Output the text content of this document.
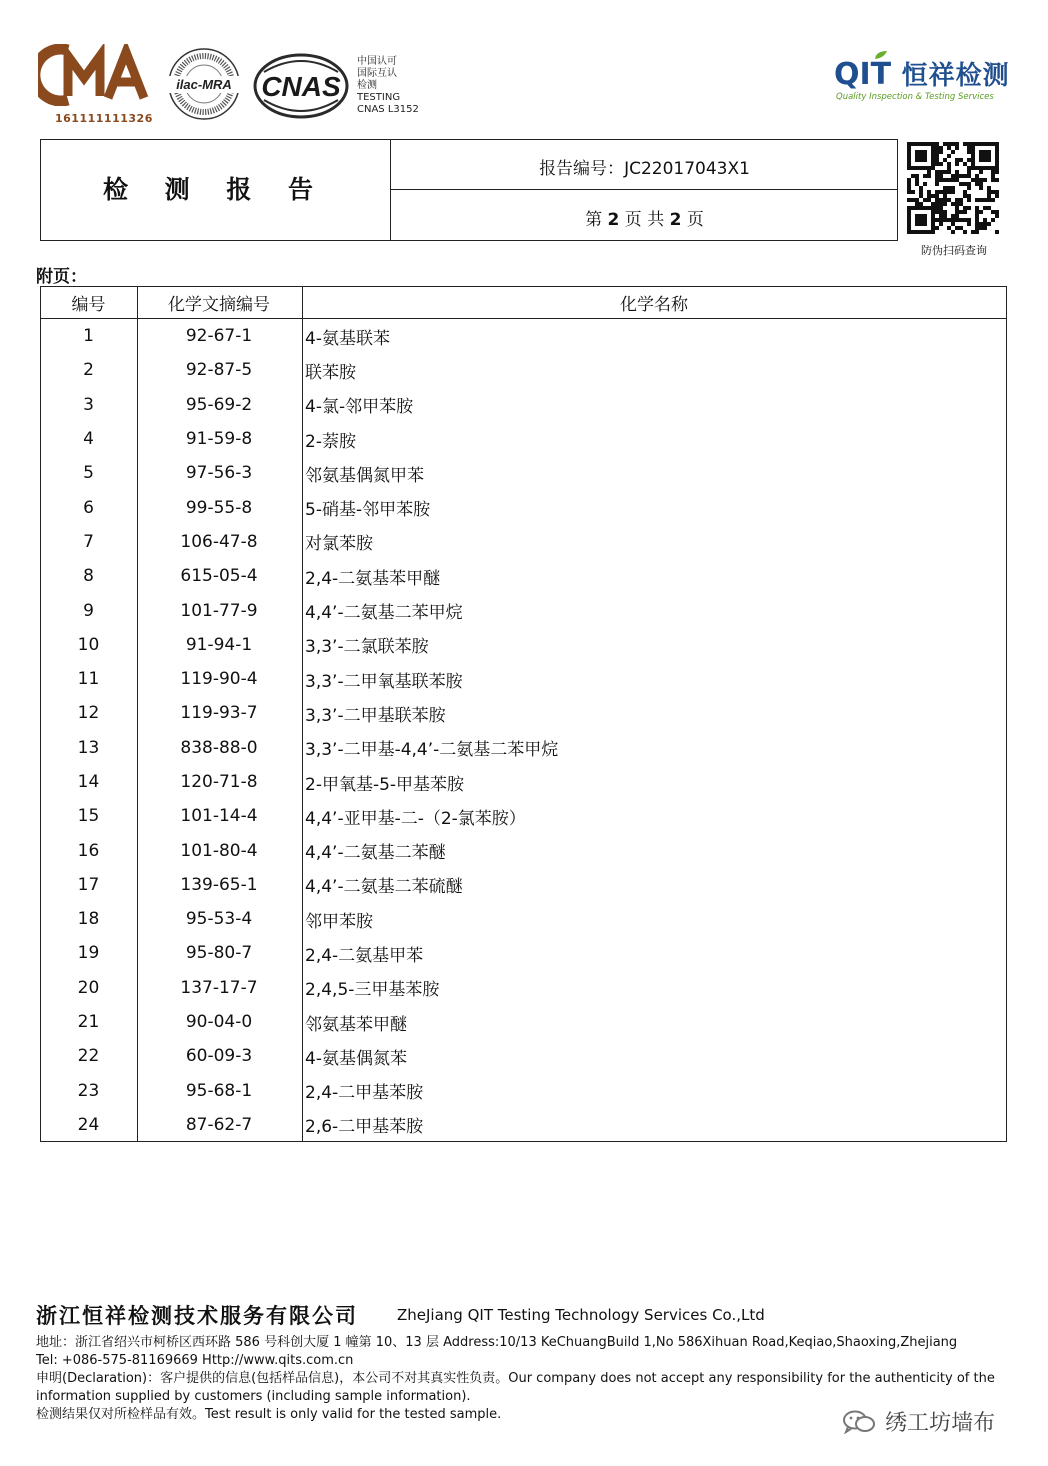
161111111326
ilac-MRA CNAS
中国认可
国际互认
检测
TESTING
CNAS L3152
QIT 恒祥检测
Quality Inspection & Testing Services
检 测 报 告
报告编号：JC22017043X1
第 2 页 共 2 页
防伪扫码查询
附页：
编号	化学文摘编号	化学名称
1	92-67-1	4-氨基联苯
2	92-87-5	联苯胺
3	95-69-2	4-氯-邻甲苯胺
4	91-59-8	2-萘胺
5	97-56-3	邻氨基偶氮甲苯
6	99-55-8	5-硝基-邻甲苯胺
7	106-47-8	对氯苯胺
8	615-05-4	2,4-二氨基苯甲醚
9	101-77-9	4,4’-二氨基二苯甲烷
10	91-94-1	3,3’-二氯联苯胺
11	119-90-4	3,3’-二甲氧基联苯胺
12	119-93-7	3,3’-二甲基联苯胺
13	838-88-0	3,3’-二甲基-4,4’-二氨基二苯甲烷
14	120-71-8	2-甲氧基-5-甲基苯胺
15	101-14-4	4,4’-亚甲基-二-（2-氯苯胺）
16	101-80-4	4,4’-二氨基二苯醚
17	139-65-1	4,4’-二氨基二苯硫醚
18	95-53-4	邻甲苯胺
19	95-80-7	2,4-二氨基甲苯
20	137-17-7	2,4,5-三甲基苯胺
21	90-04-0	邻氨基苯甲醚
22	60-09-3	4-氨基偶氮苯
23	95-68-1	2,4-二甲基苯胺
24	87-62-7	2,6-二甲基苯胺
浙江恒祥检测技术服务有限公司	ZheJiang QIT Testing Technology Services Co.,Ltd
地址：浙江省绍兴市柯桥区西环路 586 号科创大厦 1 幢第 10、13 层 Address:10/13 KeChuangBuild 1,No 586Xihuan Road,Keqiao,Shaoxing,Zhejiang
Tel: +086-575-81169669 Http://www.qits.com.cn
申明(Declaration)：客户提供的信息(包括样品信息)，本公司不对其真实性负责。Our company does not accept any responsibility for the authenticity of the information supplied by customers (including sample information).
检测结果仅对所检样品有效。Test result is only valid for the tested sample.	绣工坊墙布
